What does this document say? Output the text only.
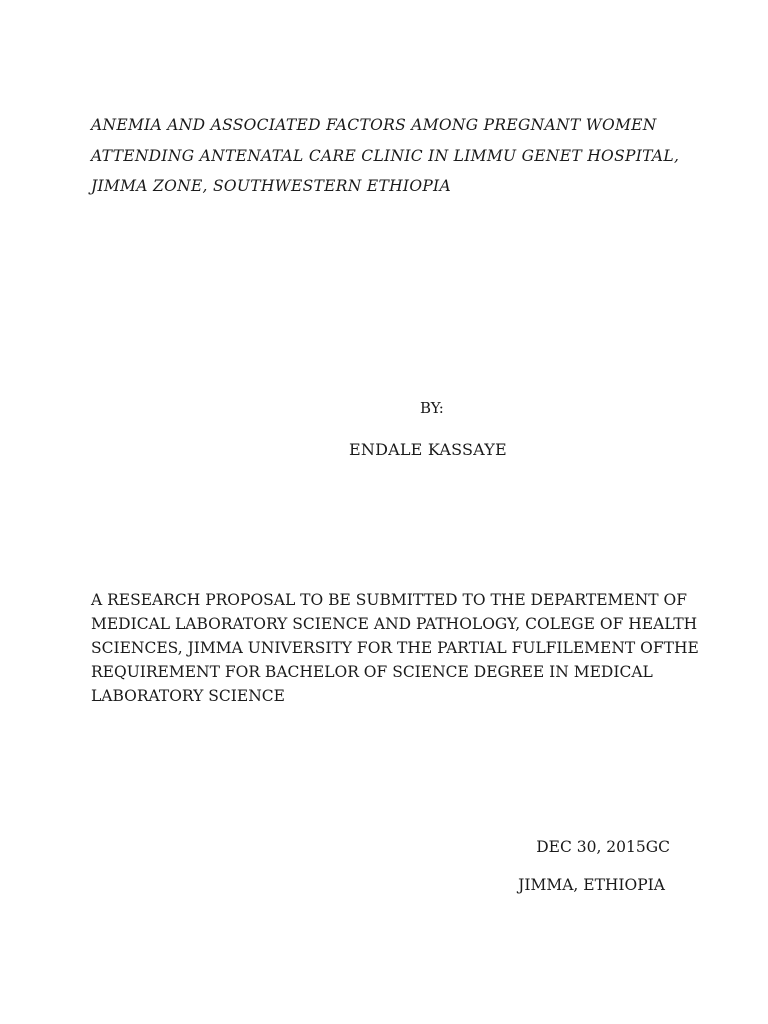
ANEMIA AND ASSOCIATED FACTORS AMONG PREGNANT WOMEN
ATTENDING ANTENATAL CARE CLINIC IN LIMMU GENET HOSPITAL,
JIMMA ZONE, SOUTHWESTERN ETHIOPIA
BY:
ENDALE KASSAYE
A RESEARCH PROPOSAL TO BE SUBMITTED TO THE DEPARTEMENT OF
MEDICAL LABORATORY SCIENCE AND PATHOLOGY, COLEGE OF HEALTH
SCIENCES, JIMMA UNIVERSITY FOR THE PARTIAL FULFILEMENT OFTHE
REQUIREMENT FOR BACHELOR OF SCIENCE DEGREE IN MEDICAL
LABORATORY SCIENCE
DEC 30, 2015GC
JIMMA, ETHIOPIA
